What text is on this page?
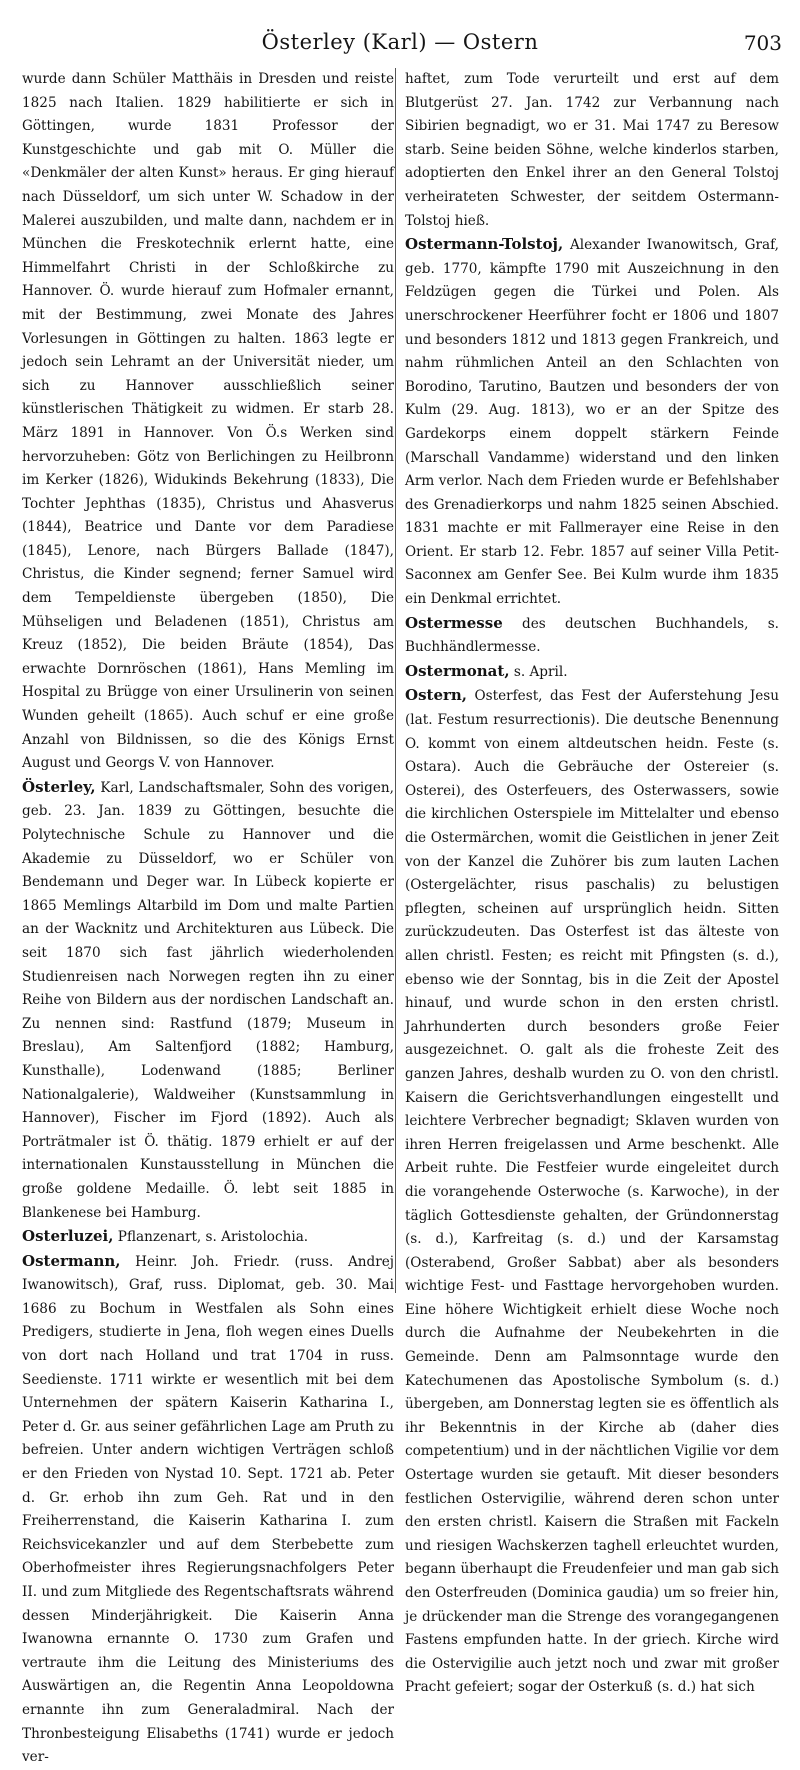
Österley (Karl) — Ostern	703

wurde dann Schüler Matthäis in Dresden und reiste 1825 nach Italien. 1829 habilitierte er sich in Göttingen, wurde 1831 Professor der Kunstgeschichte und gab mit O. Müller die «Denkmäler der alten Kunst» heraus. Er ging hierauf nach Düsseldorf, um sich unter W. Schadow in der Malerei auszubilden, und malte dann, nachdem er in München die Freskotechnik erlernt hatte, eine Himmelfahrt Christi in der Schloßkirche zu Hannover. Ö. wurde hierauf zum Hofmaler ernannt, mit der Bestimmung, zwei Monate des Jahres Vorlesungen in Göttingen zu halten. 1863 legte er jedoch sein Lehramt an der Universität nieder, um sich zu Hannover ausschließlich seiner künstlerischen Thätigkeit zu widmen. Er starb 28. März 1891 in Hannover. Von Ö.s Werken sind hervorzuheben: Götz von Berlichingen zu Heilbronn im Kerker (1826), Widukinds Bekehrung (1833), Die Tochter Jephthas (1835), Christus und Ahasverus (1844), Beatrice und Dante vor dem Paradiese (1845), Lenore, nach Bürgers Ballade (1847), Christus, die Kinder segnend; ferner Samuel wird dem Tempeldienste übergeben (1850), Die Mühseligen und Beladenen (1851), Christus am Kreuz (1852), Die beiden Bräute (1854), Das erwachte Dornröschen (1861), Hans Memling im Hospital zu Brügge von einer Ursulinerin von seinen Wunden geheilt (1865). Auch schuf er eine große Anzahl von Bildnissen, so die des Königs Ernst August und Georgs V. von Hannover.

Österley, Karl, Landschaftsmaler, Sohn des vorigen, geb. 23. Jan. 1839 zu Göttingen, besuchte die Polytechnische Schule zu Hannover und die Akademie zu Düsseldorf, wo er Schüler von Bendemann und Deger war. In Lübeck kopierte er 1865 Memlings Altarbild im Dom und malte Partien an der Wacknitz und Architekturen aus Lübeck. Die seit 1870 sich fast jährlich wiederholenden Studienreisen nach Norwegen regten ihn zu einer Reihe von Bildern aus der nordischen Landschaft an. Zu nennen sind: Rastfund (1879; Museum in Breslau), Am Saltenfjord (1882; Hamburg, Kunsthalle), Lodenwand (1885; Berliner Nationalgalerie), Waldweiher (Kunstsammlung in Hannover), Fischer im Fjord (1892). Auch als Porträtmaler ist Ö. thätig. 1879 erhielt er auf der internationalen Kunstausstellung in München die große goldene Medaille. Ö. lebt seit 1885 in Blankenese bei Hamburg.

Osterluzei, Pflanzenart, s. Aristolochia.

Ostermann, Heinr. Joh. Friedr. (russ. Andrej Iwanowitsch), Graf, russ. Diplomat, geb. 30. Mai 1686 zu Bochum in Westfalen als Sohn eines Predigers, studierte in Jena, floh wegen eines Duells von dort nach Holland und trat 1704 in russ. Seedienste. 1711 wirkte er wesentlich mit bei dem Unternehmen der spätern Kaiserin Katharina I., Peter d. Gr. aus seiner gefährlichen Lage am Pruth zu befreien. Unter andern wichtigen Verträgen schloß er den Frieden von Nystad 10. Sept. 1721 ab. Peter d. Gr. erhob ihn zum Geh. Rat und in den Freiherrenstand, die Kaiserin Katharina I. zum Reichsvicekanzler und auf dem Sterbebette zum Oberhofmeister ihres Regierungsnachfolgers Peter II. und zum Mitgliede des Regentschaftsrats während dessen Minderjährigkeit. Die Kaiserin Anna Iwanowna ernannte O. 1730 zum Grafen und vertraute ihm die Leitung des Ministeriums des Auswärtigen an, die Regentin Anna Leopoldowna ernannte ihn zum Generaladmiral. Nach der Thronbesteigung Elisabeths (1741) wurde er jedoch ver-

haftet, zum Tode verurteilt und erst auf dem Blutgerüst 27. Jan. 1742 zur Verbannung nach Sibirien begnadigt, wo er 31. Mai 1747 zu Beresow starb. Seine beiden Söhne, welche kinderlos starben, adoptierten den Enkel ihrer an den General Tolstoj verheirateten Schwester, der seitdem Ostermann-Tolstoj hieß.

Ostermann-Tolstoj, Alexander Iwanowitsch, Graf, geb. 1770, kämpfte 1790 mit Auszeichnung in den Feldzügen gegen die Türkei und Polen. Als unerschrockener Heerführer focht er 1806 und 1807 und besonders 1812 und 1813 gegen Frankreich, und nahm rühmlichen Anteil an den Schlachten von Borodino, Tarutino, Bautzen und besonders der von Kulm (29. Aug. 1813), wo er an der Spitze des Gardekorps einem doppelt stärkern Feinde (Marschall Vandamme) widerstand und den linken Arm verlor. Nach dem Frieden wurde er Befehlshaber des Grenadierkorps und nahm 1825 seinen Abschied. 1831 machte er mit Fallmerayer eine Reise in den Orient. Er starb 12. Febr. 1857 auf seiner Villa Petit-Saconnex am Genfer See. Bei Kulm wurde ihm 1835 ein Denkmal errichtet.

Ostermesse des deutschen Buchhandels, s. Buchhändlermesse.

Ostermonat, s. April.

Ostern, Osterfest, das Fest der Auferstehung Jesu (lat. Festum resurrectionis). Die deutsche Benennung O. kommt von einem altdeutschen heidn. Feste (s. Ostara). Auch die Gebräuche der Ostereier (s. Osterei), des Osterfeuers, des Osterwassers, sowie die kirchlichen Osterspiele im Mittelalter und ebenso die Ostermärchen, womit die Geistlichen in jener Zeit von der Kanzel die Zuhörer bis zum lauten Lachen (Ostergelächter, risus paschalis) zu belustigen pflegten, scheinen auf ursprünglich heidn. Sitten zurückzudeuten. Das Osterfest ist das älteste von allen christl. Festen; es reicht mit Pfingsten (s. d.), ebenso wie der Sonntag, bis in die Zeit der Apostel hinauf, und wurde schon in den ersten christl. Jahrhunderten durch besonders große Feier ausgezeichnet. O. galt als die froheste Zeit des ganzen Jahres, deshalb wurden zu O. von den christl. Kaisern die Gerichtsverhandlungen eingestellt und leichtere Verbrecher begnadigt; Sklaven wurden von ihren Herren freigelassen und Arme beschenkt. Alle Arbeit ruhte. Die Festfeier wurde eingeleitet durch die vorangehende Osterwoche (s. Karwoche), in der täglich Gottesdienste gehalten, der Gründonnerstag (s. d.), Karfreitag (s. d.) und der Karsamstag (Osterabend, Großer Sabbat) aber als besonders wichtige Fest- und Fasttage hervorgehoben wurden. Eine höhere Wichtigkeit erhielt diese Woche noch durch die Aufnahme der Neubekehrten in die Gemeinde. Denn am Palmsonntage wurde den Katechumenen das Apostolische Symbolum (s. d.) übergeben, am Donnerstag legten sie es öffentlich als ihr Bekenntnis in der Kirche ab (daher dies competentium) und in der nächtlichen Vigilie vor dem Ostertage wurden sie getauft. Mit dieser besonders festlichen Ostervigilie, während deren schon unter den ersten christl. Kaisern die Straßen mit Fackeln und riesigen Wachskerzen taghell erleuchtet wurden, begann überhaupt die Freudenfeier und man gab sich den Osterfreuden (Dominica gaudia) um so freier hin, je drückender man die Strenge des vorangegangenen Fastens empfunden hatte. In der griech. Kirche wird die Ostervigilie auch jetzt noch und zwar mit großer Pracht gefeiert; sogar der Osterkuß (s. d.) hat sich
